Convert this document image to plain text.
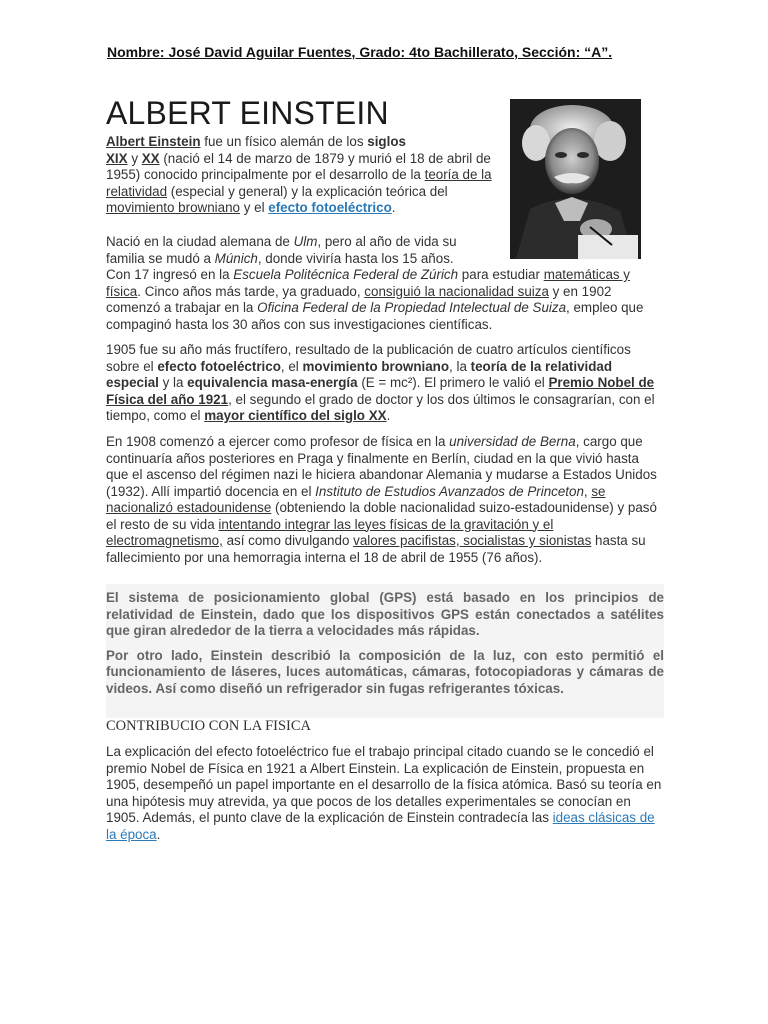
Nombre: José David Aguilar Fuentes, Grado: 4to Bachillerato, Sección: “A”.
ALBERT EINSTEIN

Albert Einstein fue un físico alemán de los siglos
XIX y XX (nació el 14 de marzo de 1879 y murió el 18 de abril de 1955) conocido principalmente por el desarrollo de la teoría de la relatividad (especial y general) y la explicación teórica del movimiento browniano y el efecto fotoeléctrico.

Nació en la ciudad alemana de Ulm, pero al año de vida su familia se mudó a Múnich, donde viviría hasta los 15 años. Con 17 ingresó en la Escuela Politécnica Federal de Zúrich para estudiar matemáticas y física. Cinco años más tarde, ya graduado, consiguió la nacionalidad suiza y en 1902 comenzó a trabajar en la Oficina Federal de la Propiedad Intelectual de Suiza, empleo que compaginó hasta los 30 años con sus investigaciones científicas.

1905 fue su año más fructífero, resultado de la publicación de cuatro artículos científicos sobre el efecto fotoeléctrico, el movimiento browniano, la teoría de la relatividad especial y la equivalencia masa-energía (E = mc²). El primero le valió el Premio Nobel de Física del año 1921, el segundo el grado de doctor y los dos últimos le consagrarían, con el tiempo, como el mayor científico del siglo XX.

En 1908 comenzó a ejercer como profesor de física en la universidad de Berna, cargo que continuaría años posteriores en Praga y finalmente en Berlín, ciudad en la que vivió hasta que el ascenso del régimen nazi le hiciera abandonar Alemania y mudarse a Estados Unidos (1932). Allí impartió docencia en el Instituto de Estudios Avanzados de Princeton, se nacionalizó estadounidense (obteniendo la doble nacionalidad suizo-estadounidense) y pasó el resto de su vida intentando integrar las leyes físicas de la gravitación y el electromagnetismo, así como divulgando valores pacifistas, socialistas y sionistas hasta su fallecimiento por una hemorragia interna el 18 de abril de 1955 (76 años).

El sistema de posicionamiento global (GPS) está basado en los principios de relatividad de Einstein, dado que los dispositivos GPS están conectados a satélites que giran alrededor de la tierra a velocidades más rápidas.

Por otro lado, Einstein describió la composición de la luz, con esto permitió el funcionamiento de láseres, luces automáticas, cámaras, fotocopiadoras y cámaras de videos. Así como diseñó un refrigerador sin fugas refrigerantes tóxicas.

CONTRIBUCIO CON LA FISICA

La explicación del efecto fotoeléctrico fue el trabajo principal citado cuando se le concedió el premio Nobel de Física en 1921 a Albert Einstein. La explicación de Einstein, propuesta en 1905, desempeñó un papel importante en el desarrollo de la física atómica. Basó su teoría en una hipótesis muy atrevida, ya que pocos de los detalles experimentales se conocían en 1905. Además, el punto clave de la explicación de Einstein contradecía las ideas clásicas de la época.
